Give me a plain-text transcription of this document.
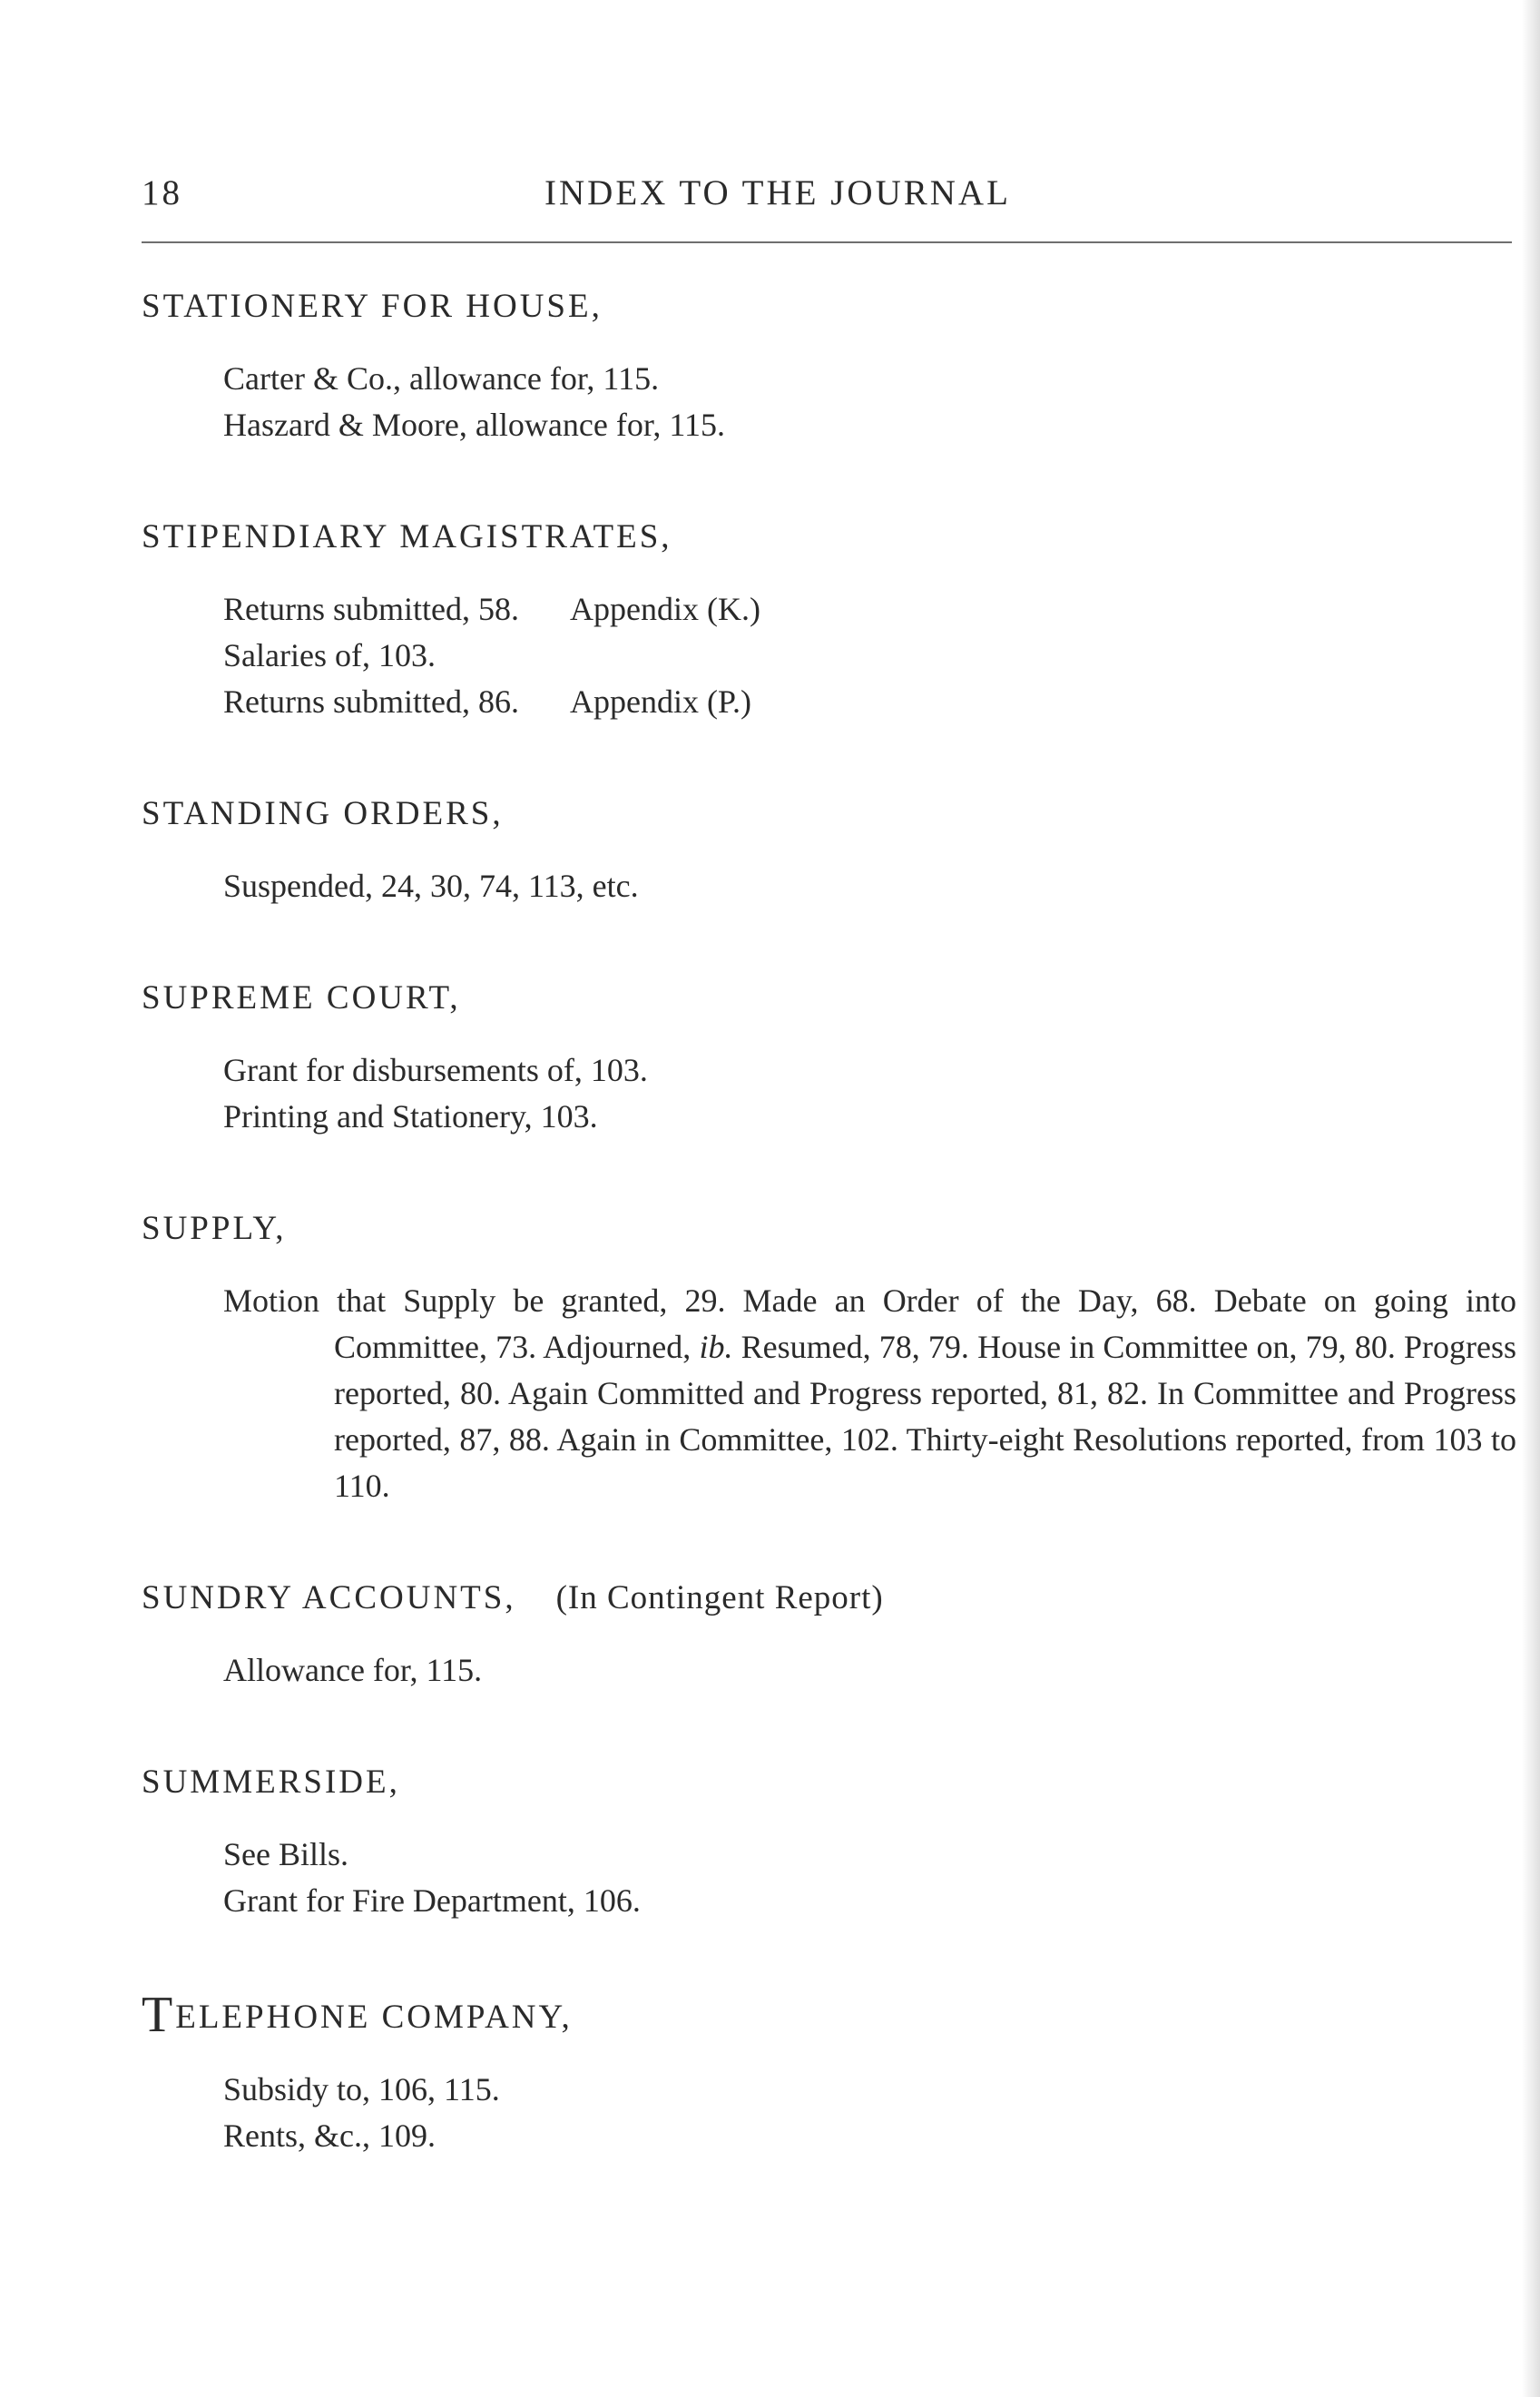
18	INDEX TO THE JOURNAL
STATIONERY FOR HOUSE,
Carter & Co., allowance for, 115.
Haszard & Moore, allowance for, 115.
STIPENDIARY MAGISTRATES,
Returns submitted, 58. Appendix (K.)
Salaries of, 103.
Returns submitted, 86. Appendix (P.)
STANDING ORDERS,
Suspended, 24, 30, 74, 113, etc.
SUPREME COURT,
Grant for disbursements of, 103.
Printing and Stationery, 103.
SUPPLY,
Motion that Supply be granted, 29. Made an Order of the Day, 68. Debate on going into Committee, 73. Adjourned, ib. Resumed, 78, 79. House in Committee on, 79, 80. Progress reported, 80. Again Committed and Progress reported, 81, 82. In Committee and Progress reported, 87, 88. Again in Committee, 102. Thirty-eight Resolutions reported, from 103 to 110.
SUNDRY ACCOUNTS, (In Contingent Report)
Allowance for, 115.
SUMMERSIDE,
See Bills.
Grant for Fire Department, 106.
TELEPHONE COMPANY,
Subsidy to, 106, 115.
Rents, &c., 109.
